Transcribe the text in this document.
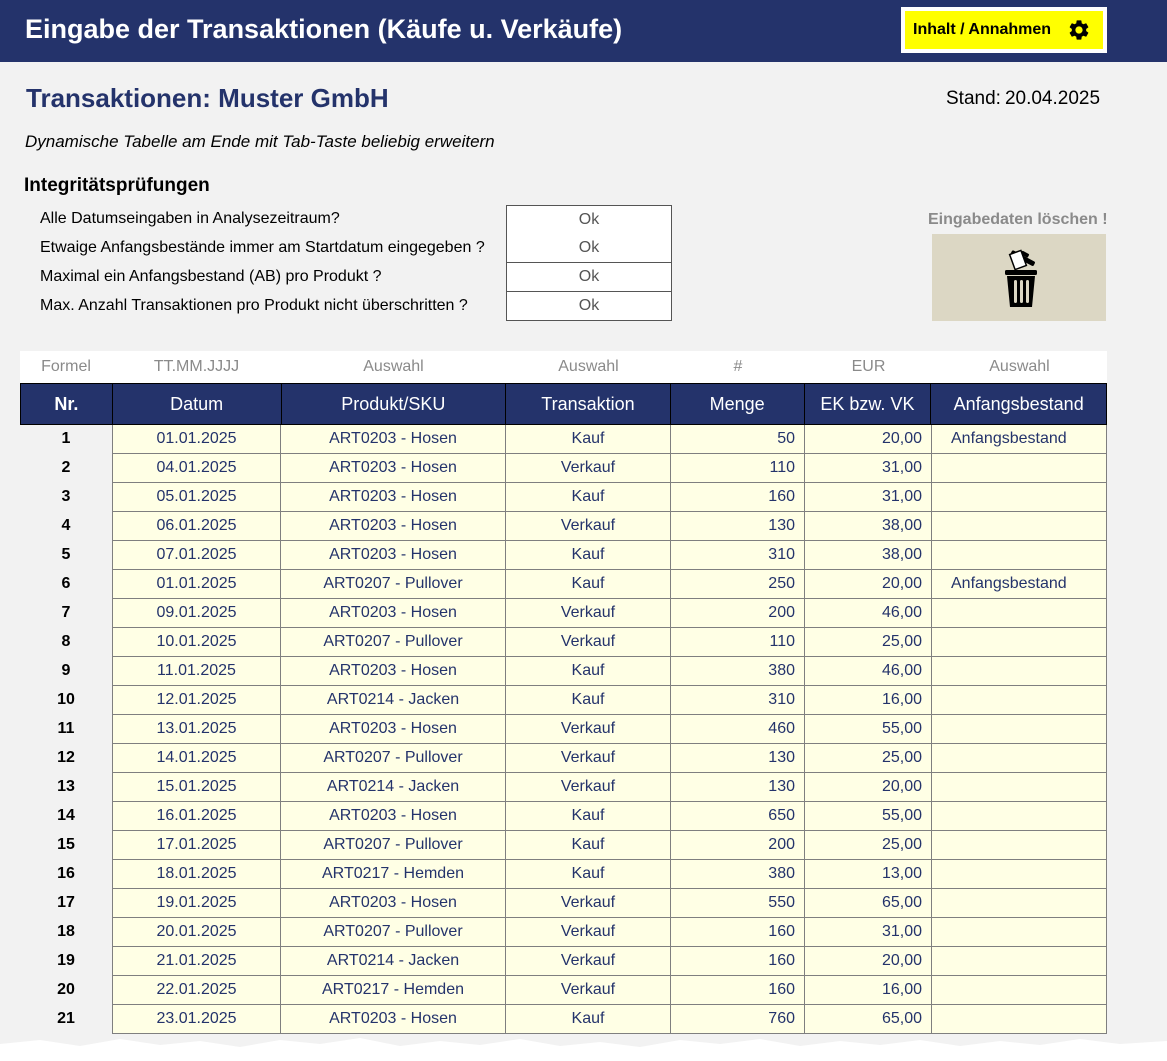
Eingabe der Transaktionen (Käufe u. Verkäufe)	Inhalt / Annahmen
Transaktionen: Muster GmbH	Stand: 20.04.2025
Dynamische Tabelle am Ende mit Tab-Taste beliebig erweitern
Integritätsprüfungen
Alle Datumseingaben in Analysezeitraum?	Ok
Etwaige Anfangsbestände immer am Startdatum eingegeben ?	Ok
Maximal ein Anfangsbestand (AB) pro Produkt ?	Ok
Max. Anzahl Transaktionen pro Produkt nicht überschritten ?	Ok
Eingabedaten löschen !
Formel	TT.MM.JJJJ	Auswahl	Auswahl	#	EUR	Auswahl
Nr.	Datum	Produkt/SKU	Transaktion	Menge	EK bzw. VK	Anfangsbestand
1	01.01.2025	ART0203 - Hosen	Kauf	50	20,00	Anfangsbestand
2	04.01.2025	ART0203 - Hosen	Verkauf	110	31,00
3	05.01.2025	ART0203 - Hosen	Kauf	160	31,00
4	06.01.2025	ART0203 - Hosen	Verkauf	130	38,00
5	07.01.2025	ART0203 - Hosen	Kauf	310	38,00
6	01.01.2025	ART0207 - Pullover	Kauf	250	20,00	Anfangsbestand
7	09.01.2025	ART0203 - Hosen	Verkauf	200	46,00
8	10.01.2025	ART0207 - Pullover	Verkauf	110	25,00
9	11.01.2025	ART0203 - Hosen	Kauf	380	46,00
10	12.01.2025	ART0214 - Jacken	Kauf	310	16,00
11	13.01.2025	ART0203 - Hosen	Verkauf	460	55,00
12	14.01.2025	ART0207 - Pullover	Verkauf	130	25,00
13	15.01.2025	ART0214 - Jacken	Verkauf	130	20,00
14	16.01.2025	ART0203 - Hosen	Kauf	650	55,00
15	17.01.2025	ART0207 - Pullover	Kauf	200	25,00
16	18.01.2025	ART0217 - Hemden	Kauf	380	13,00
17	19.01.2025	ART0203 - Hosen	Verkauf	550	65,00
18	20.01.2025	ART0207 - Pullover	Verkauf	160	31,00
19	21.01.2025	ART0214 - Jacken	Verkauf	160	20,00
20	22.01.2025	ART0217 - Hemden	Verkauf	160	16,00
21	23.01.2025	ART0203 - Hosen	Kauf	760	65,00
